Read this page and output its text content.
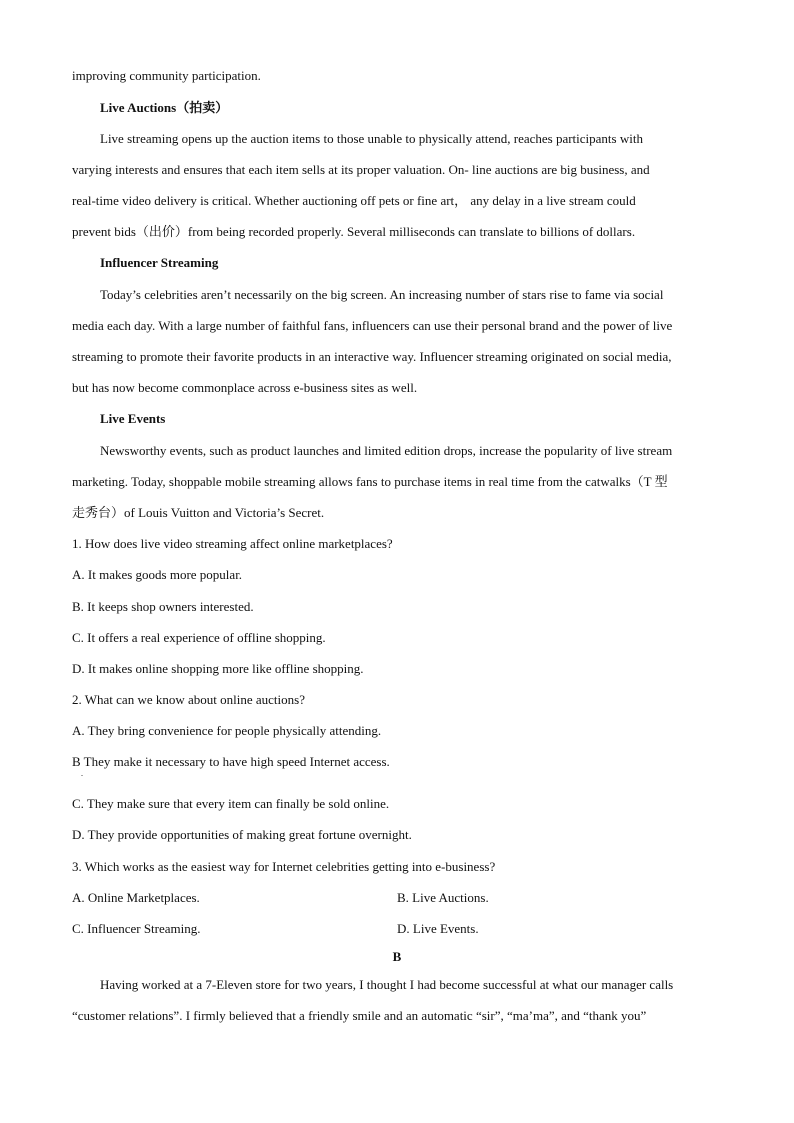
improving community participation.
Live Auctions（拍卖）
Live streaming opens up the auction items to those unable to physically attend, reaches participants with
varying interests and ensures that each item sells at its proper valuation. On- line auctions are big business, and
real-time video delivery is critical. Whether auctioning off pets or fine art， any delay in a live stream could
prevent bids（出价）from being recorded properly. Several milliseconds can translate to billions of dollars.
Influencer Streaming
Today’s celebrities aren’t necessarily on the big screen. An increasing number of stars rise to fame via social
media each day. With a large number of faithful fans, influencers can use their personal brand and the power of live
streaming to promote their favorite products in an interactive way. Influencer streaming originated on social media,
but has now become commonplace across e-business sites as well.
Live Events
Newsworthy events, such as product launches and limited edition drops, increase the popularity of live stream
marketing. Today, shoppable mobile streaming allows fans to purchase items in real time from the catwalks（T 型
走秀台）of Louis Vuitton and Victoria’s Secret.
1. How does live video streaming affect online marketplaces?
A. It makes goods more popular.
B. It keeps shop owners interested.
C. It offers a real experience of offline shopping.
D. It makes online shopping more like offline shopping.
2. What can we know about online auctions?
A. They bring convenience for people physically attending.
B They make it necessary to have high speed Internet access.
.
C. They make sure that every item can finally be sold online.
D. They provide opportunities of making great fortune overnight.
3. Which works as the easiest way for Internet celebrities getting into e-business?
A. Online Marketplaces.	B. Live Auctions.
C. Influencer Streaming.	D. Live Events.
B
Having worked at a 7-Eleven store for two years, I thought I had become successful at what our manager calls
“customer relations”. I firmly believed that a friendly smile and an automatic “sir”, “ma’ma”, and “thank you”
